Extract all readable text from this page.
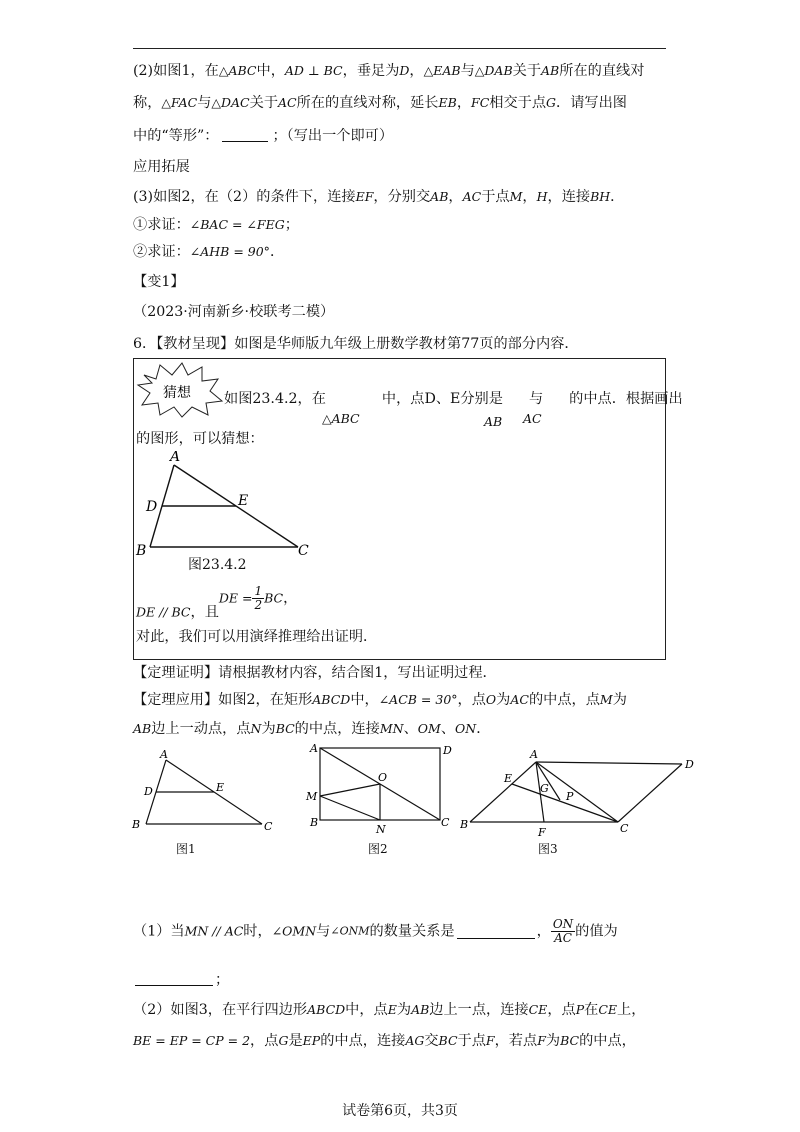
(2)如图1，在△ABC中，AD ⊥ BC，垂足为D，△EAB与△DAB关于AB所在的直线对
称，△FAC与△DAC关于AC所在的直线对称，延长EB，FC相交于点G．请写出图
中的“等形”：	；（写出一个即可）
应用拓展
(3)如图2，在（2）的条件下，连接EF，分别交AB，AC于点M，H，连接BH．
①求证：∠BAC = ∠FEG；
②求证：∠AHB = 90°．
【变1】
（2023·河南新乡·校联考二模）
6．【教材呈现】如图是华师版九年级上册数学教材第77页的部分内容．
猜想 如图23.4.2，在	中，点D、E分别是 与 的中点．根据画出
△ABC	AB AC
的图形，可以猜想：
A
D	E
B	C
图23.4.2
DE // BC，且DE = $\frac{1}{2}$ BC，
对此，我们可以用演绎推理给出证明．
【定理证明】请根据教材内容，结合图1，写出证明过程．
【定理应用】如图2，在矩形ABCD中，∠ACB = 30°，点O为AC的中点，点M为
AB边上一动点，点N为BC的中点，连接MN、OM、ON．
A
D	E
B	C
图1
A	D
O
M
B
N
C
图2
A
D
E
G
P
B
F	C
图3
（1）当MN // AC时，∠OMN与∠ONM的数量关系是	， $\frac{ON}{AC}$ 的值为
；
（2）如图3，在平行四边形ABCD中，点E为AB边上一点，连接CE，点P在CE上，
BE = EP = CP = 2，点G是EP的中点，连接AG交BC于点F，若点F为BC的中点，
试卷第6页，共3页
